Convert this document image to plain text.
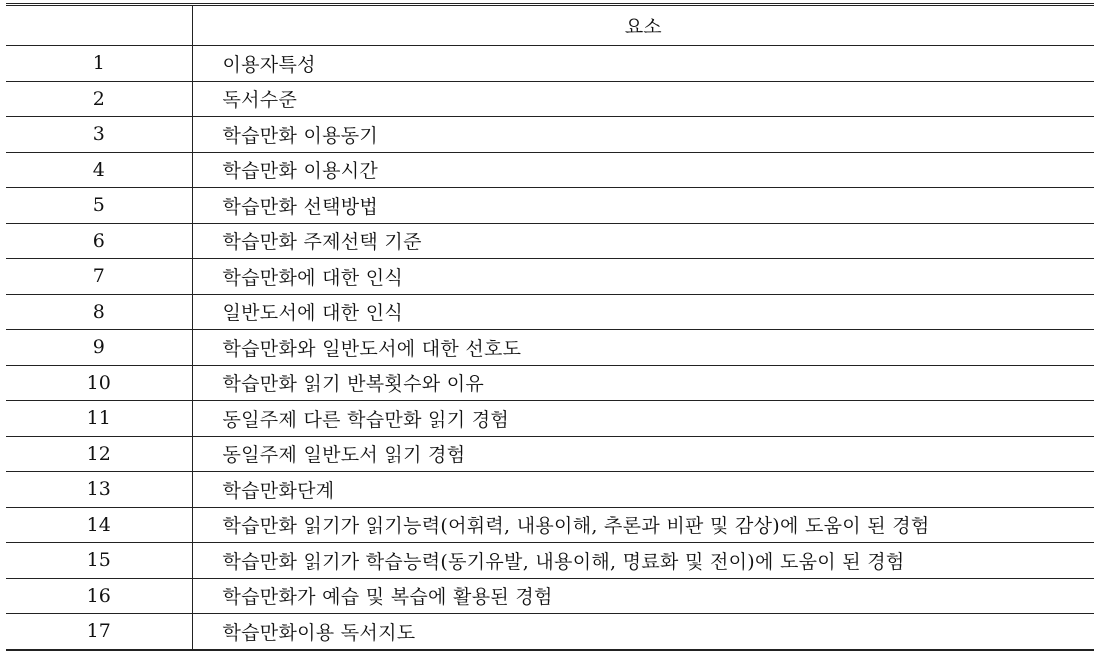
	요소
1	이용자특성
2	독서수준
3	학습만화 이용동기
4	학습만화 이용시간
5	학습만화 선택방법
6	학습만화 주제선택 기준
7	학습만화에 대한 인식
8	일반도서에 대한 인식
9	학습만화와 일반도서에 대한 선호도
10	학습만화 읽기 반복횟수와 이유
11	동일주제 다른 학습만화 읽기 경험
12	동일주제 일반도서 읽기 경험
13	학습만화단계
14	학습만화 읽기가 읽기능력(어휘력, 내용이해, 추론과 비판 및 감상)에 도움이 된 경험
15	학습만화 읽기가 학습능력(동기유발, 내용이해, 명료화 및 전이)에 도움이 된 경험
16	학습만화가 예습 및 복습에 활용된 경험
17	학습만화이용 독서지도
